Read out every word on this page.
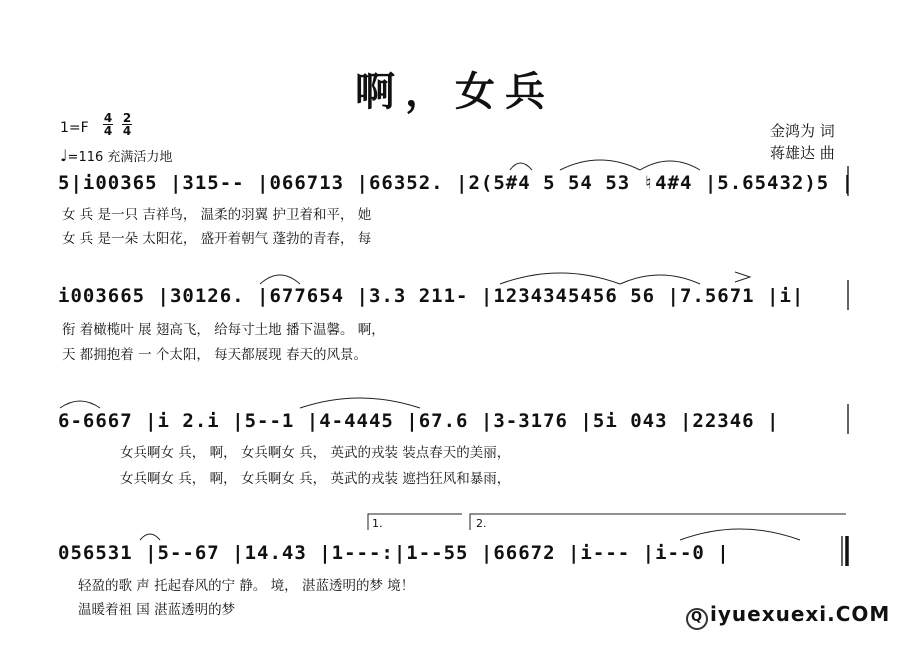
啊，女兵
1=F
4
4
2
4
♩=116 充满活力地
金鸿为 词
蒋雄达 曲
5|i00365 |315-- |066713 |66352. |2(5#4 5 54 53 ♮4#4 |5.65432)5 |
女 兵 是一只 吉祥鸟， 温柔的羽翼 护卫着和平， 她
女 兵 是一朵 太阳花， 盛开着朝气 蓬勃的青春， 每
i003665 |30126. |677654 |3.3 211- |1234345456 56 |7.5671 |i|
衔 着橄榄叶 展 翅高飞， 给每寸土地 播下温馨。 啊，
天 都拥抱着 一 个太阳， 每天都展现 春天的风景。
6-6667 |i 2.i |5--1 |4-4445 |67.6 |3-3176 |5i 043 |22346 |
女兵啊女 兵， 啊， 女兵啊女 兵， 英武的戎装 装点春天的美丽，
女兵啊女 兵， 啊， 女兵啊女 兵， 英武的戎装 遮挡狂风和暴雨，
1.	2.
056531 |5--67 |14.43 |1---:|1--55 |66672 |i--- |i--0 |
轻盈的歌 声 托起春风的宁 静。 境， 湛蓝透明的梦 境！
温暖着祖 国 湛蓝透明的梦	Q iyuexuexi.COM
